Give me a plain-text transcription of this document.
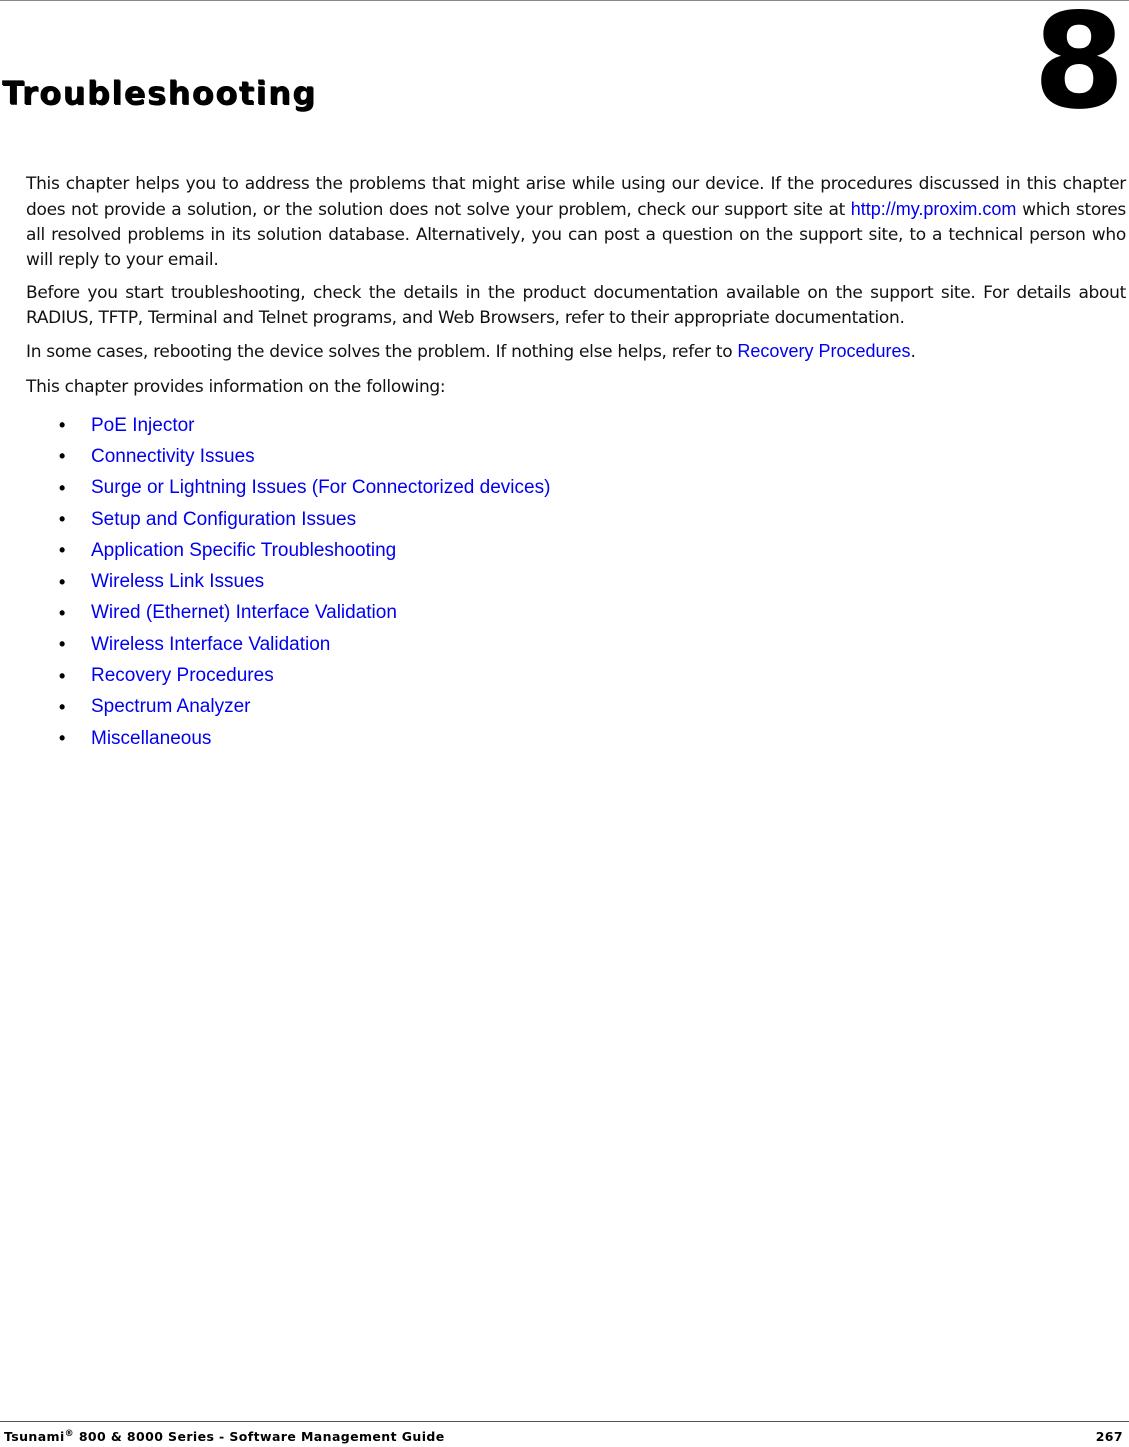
Troubleshooting	8

This chapter helps you to address the problems that might arise while using our device. If the procedures discussed in this chapter does not provide a solution, or the solution does not solve your problem, check our support site at http://my.proxim.com which stores all resolved problems in its solution database. Alternatively, you can post a question on the support site, to a technical person who will reply to your email.

Before you start troubleshooting, check the details in the product documentation available on the support site. For details about RADIUS, TFTP, Terminal and Telnet programs, and Web Browsers, refer to their appropriate documentation.

In some cases, rebooting the device solves the problem. If nothing else helps, refer to Recovery Procedures.

This chapter provides information on the following:

•	PoE Injector
•	Connectivity Issues
•	Surge or Lightning Issues (For Connectorized devices)
•	Setup and Configuration Issues
•	Application Specific Troubleshooting
•	Wireless Link Issues
•	Wired (Ethernet) Interface Validation
•	Wireless Interface Validation
•	Recovery Procedures
•	Spectrum Analyzer
•	Miscellaneous
Tsunami® 800 & 8000 Series - Software Management Guide	267
